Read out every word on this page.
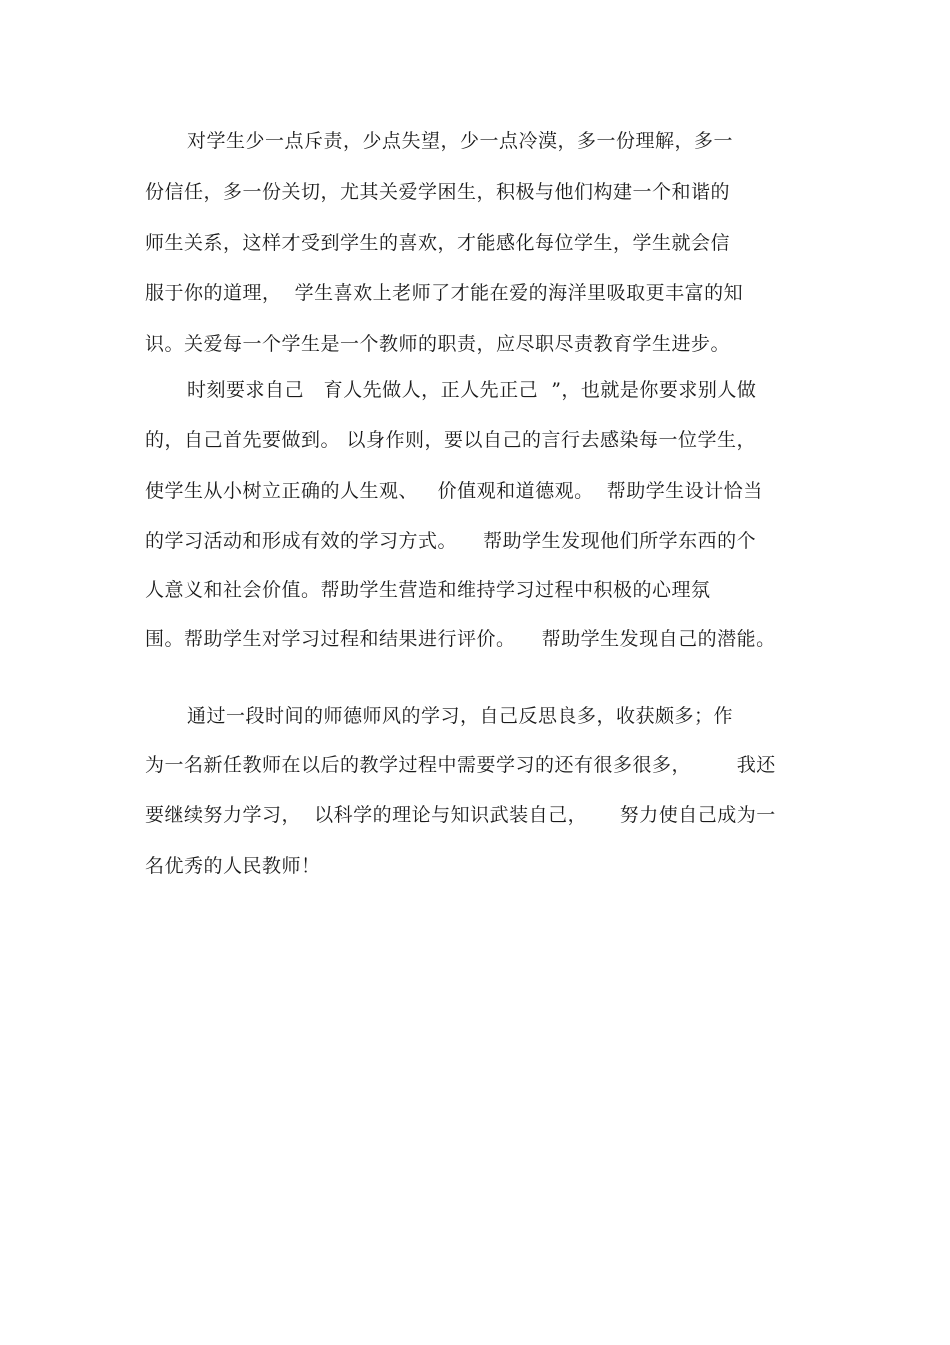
对学生少一点斥责，少点失望，少一点冷漠，多一份理解，多一
份信任，多一份关切，尤其关爱学困生，积极与他们构建一个和谐的
师生关系，这样才受到学生的喜欢，才能感化每位学生，学生就会信
服于你的道理，  学生喜欢上老师了才能在爱的海洋里吸取更丰富的知
识。关爱每一个学生是一个教师的职责，应尽职尽责教育学生进步。
时刻要求自己   育人先做人，正人先正己  ”，也就是你要求别人做
的，自己首先要做到。 以身作则，要以自己的言行去感染每一位学生，
使学生从小树立正确的人生观、   价值观和道德观。  帮助学生设计恰当
的学习活动和形成有效的学习方式。    帮助学生发现他们所学东西的个
人意义和社会价值。帮助学生营造和维持学习过程中积极的心理氛
围。帮助学生对学习过程和结果进行评价。    帮助学生发现自己的潜能。
通过一段时间的师德师风的学习，自己反思良多，收获颇多；作
为一名新任教师在以后的教学过程中需要学习的还有很多很多，       我还
要继续努力学习，  以科学的理论与知识武装自己，     努力使自己成为一
名优秀的人民教师！
